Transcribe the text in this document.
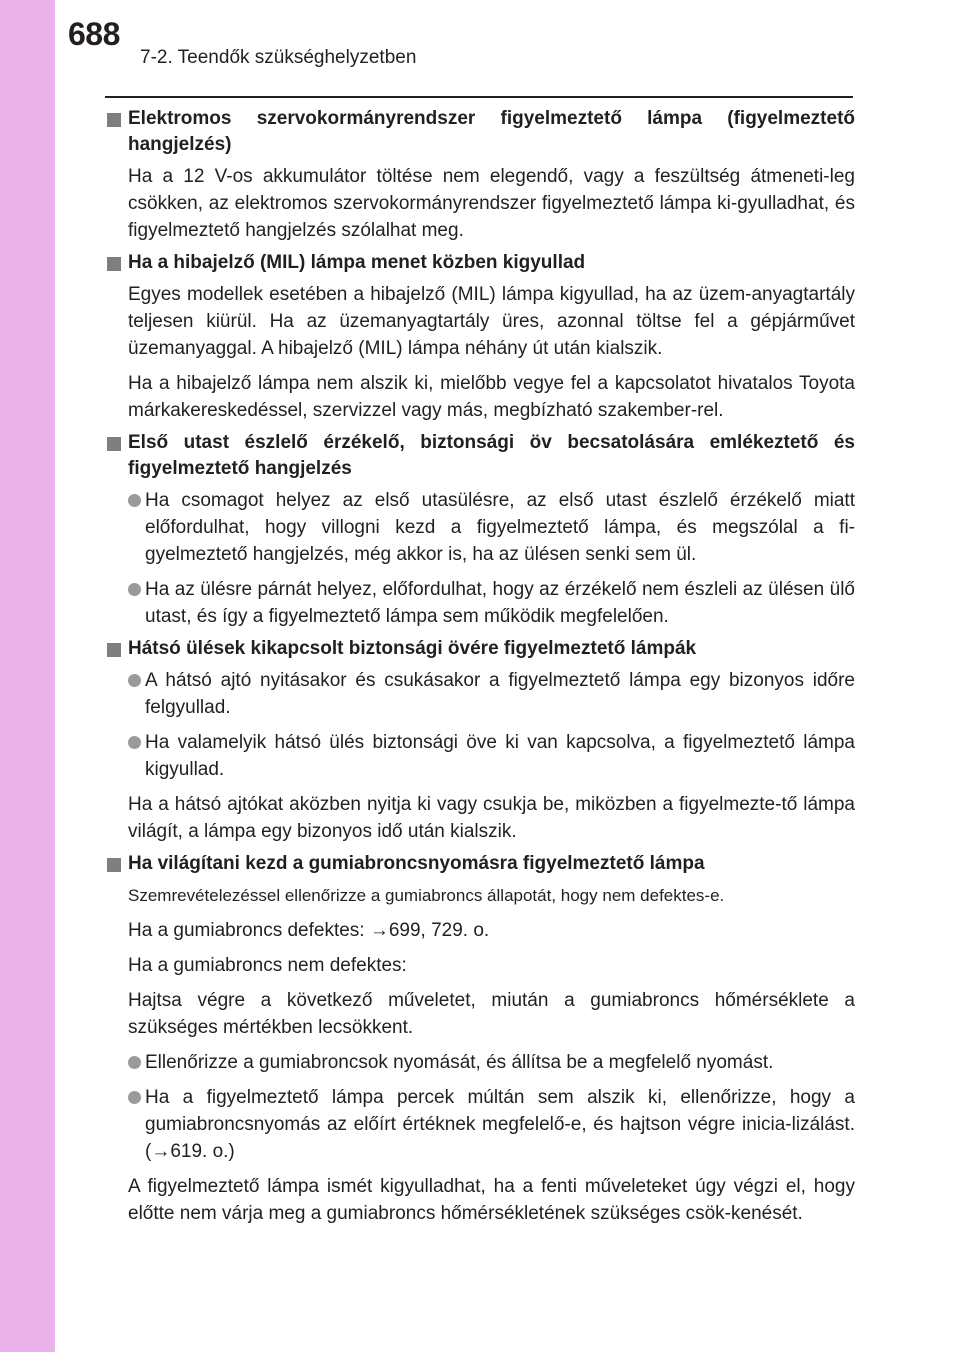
688
7-2. Teendők szükséghelyzetben
Elektromos szervokormányrendszer figyelmeztető lámpa (figyelmeztető hangjelzés)
Ha a 12 V-os akkumulátor töltése nem elegendő, vagy a feszültség átmeneti-leg csökken, az elektromos szervokormányrendszer figyelmeztető lámpa ki-gyulladhat, és figyelmeztető hangjelzés szólalhat meg.
Ha a hibajelző (MIL) lámpa menet közben kigyullad
Egyes modellek esetében a hibajelző (MIL) lámpa kigyullad, ha az üzem-anyagtartály teljesen kiürül. Ha az üzemanyagtartály üres, azonnal töltse fel a gépjárművet üzemanyaggal. A hibajelző (MIL) lámpa néhány út után kialszik.
Ha a hibajelző lámpa nem alszik ki, mielőbb vegye fel a kapcsolatot hivatalos Toyota márkakereskedéssel, szervizzel vagy más, megbízható szakember-rel.
Első utast észlelő érzékelő, biztonsági öv becsatolására emlékeztető és figyelmeztető hangjelzés
Ha csomagot helyez az első utasülésre, az első utast észlelő érzékelő miatt előfordulhat, hogy villogni kezd a figyelmeztető lámpa, és megszólal a fi-gyelmeztető hangjelzés, még akkor is, ha az ülésen senki sem ül.
Ha az ülésre párnát helyez, előfordulhat, hogy az érzékelő nem észleli az ülésen ülő utast, és így a figyelmeztető lámpa sem működik megfelelően.
Hátsó ülések kikapcsolt biztonsági övére figyelmeztető lámpák
A hátsó ajtó nyitásakor és csukásakor a figyelmeztető lámpa egy bizonyos időre felgyullad.
Ha valamelyik hátsó ülés biztonsági öve ki van kapcsolva, a figyelmeztető lámpa kigyullad.
Ha a hátsó ajtókat aközben nyitja ki vagy csukja be, miközben a figyelmezte-tő lámpa világít, a lámpa egy bizonyos idő után kialszik.
Ha világítani kezd a gumiabroncsnyomásra figyelmeztető lámpa
Szemrevételezéssel ellenőrizze a gumiabroncs állapotát, hogy nem defektes-e.
Ha a gumiabroncs defektes: →699, 729. o.
Ha a gumiabroncs nem defektes:
Hajtsa végre a következő műveletet, miután a gumiabroncs hőmérséklete a szükséges mértékben lecsökkent.
Ellenőrizze a gumiabroncsok nyomását, és állítsa be a megfelelő nyomást.
Ha a figyelmeztető lámpa percek múltán sem alszik ki, ellenőrizze, hogy a gumiabroncsnyomás az előírt értéknek megfelelő-e, és hajtson végre inicia-lizálást. (→619. o.)
A figyelmeztető lámpa ismét kigyulladhat, ha a fenti műveleteket úgy végzi el, hogy előtte nem várja meg a gumiabroncs hőmérsékletének szükséges csök-kenését.
